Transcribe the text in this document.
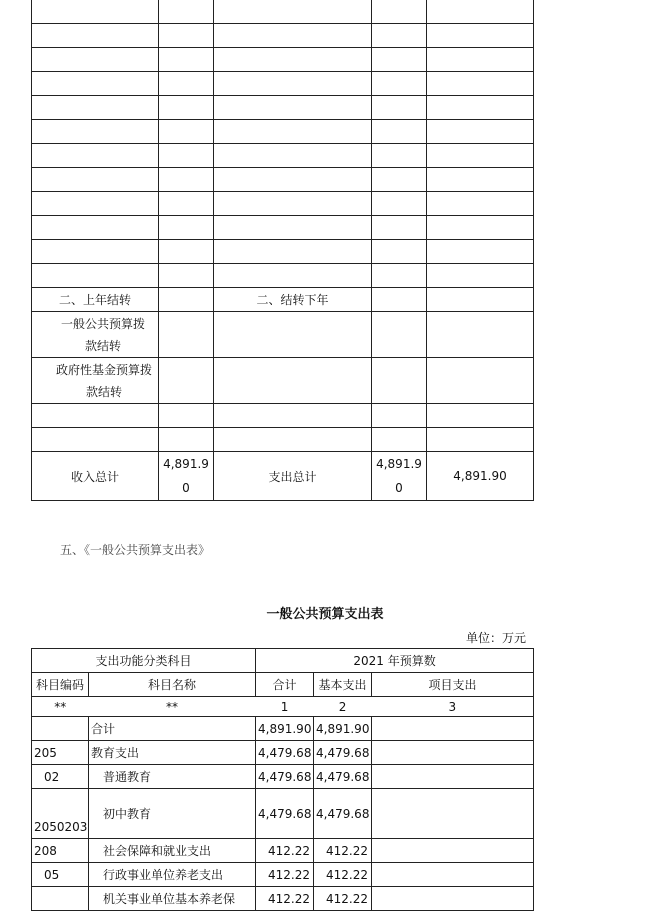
二、上年结转		二、结转下年		
一般公共预算拨款结转				
政府性基金预算拨款结转				

收入总计	4,891.90	支出总计	4,891.90	4,891.90
五、《一般公共预算支出表》
一般公共预算支出表
单位：万元
支出功能分类科目		2021 年预算数		
科目编码	科目名称	合计	基本支出	项目支出
**	**	1	2	3
	合计	4,891.90	4,891.90	
205	教育支出	4,479.68	4,479.68	
02	普通教育	4,479.68	4,479.68	
2050203	初中教育	4,479.68	4,479.68	
208	社会保障和就业支出	412.22	412.22	
05	行政事业单位养老支出	412.22	412.22	
	机关事业单位基本养老保	412.22	412.22	
